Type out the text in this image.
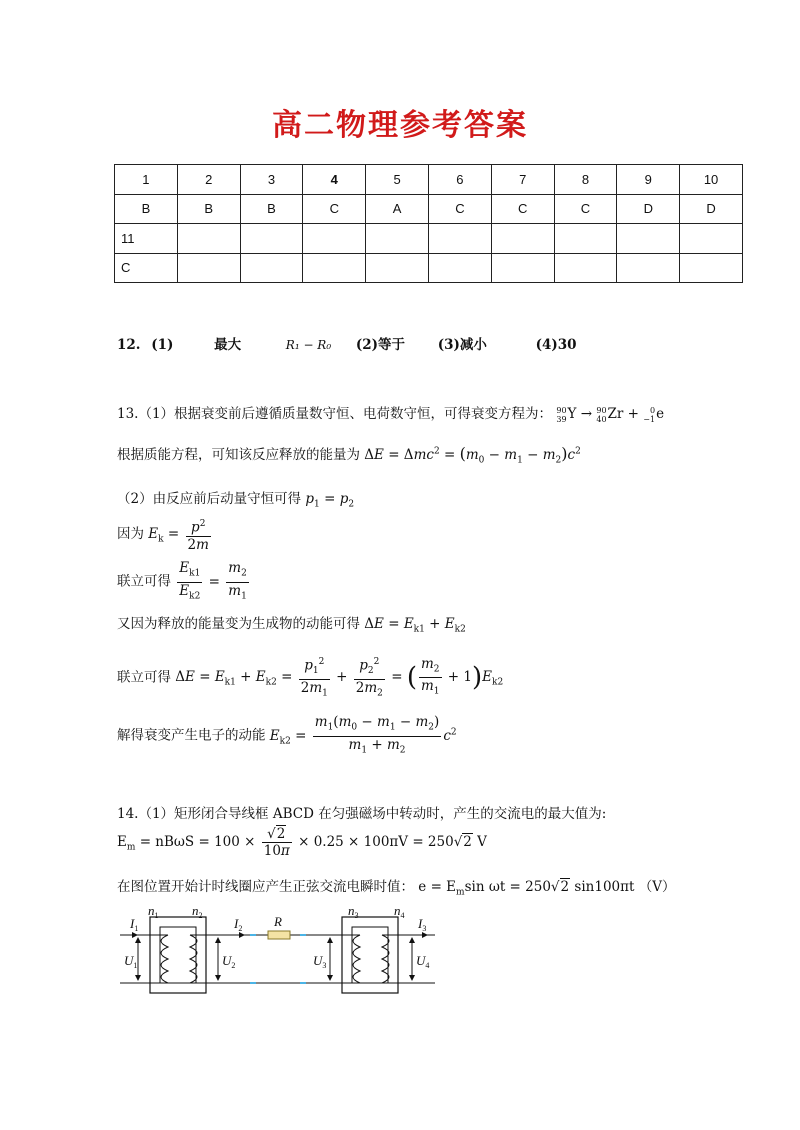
高二物理参考答案
1	2	3	4	5	6	7	8	9	10
B	B	B	C	A	C	C	C	D	D
11									
C									
12. (1)	最大	R₁ − R₀ (2)等于 (3)减小	(4)30
13.（1）根据衰变前后遵循质量数守恒、电荷数守恒，可得衰变方程为： 90
39Y → 90
40Zr + 0
−1e
根据质能方程，可知该反应释放的能量为 $\Delta E = \Delta mc^2 = (m_0 - m_1 - m_2)c^2$
（2）由反应前后动量守恒可得 $p_1 = p_2$
因为 $E_k = \frac{p^2}{2m}$
联立可得 $\frac{E_{k1}}{E_{k2}} = \frac{m_2}{m_1}$
又因为释放的能量变为生成物的动能可得 $\Delta E = E_{k1} + E_{k2}$
联立可得 $\Delta E = E_{k1} + E_{k2} = \frac{p_1^2}{2m_1} + \frac{p_2^2}{2m_2}$ = ( $\frac{m_2}{m_1} + 1)E_{k2}$
解得衰变产生电子的动能 $E_{k2} = \frac{m_1(m_0 - m_1 - m_2)}{m_1 + m_2} c^2$
14.（1）矩形闭合导线框 ABCD 在匀强磁场中转动时，产生的交流电的最大值为:
$E_m = nB\omega S = 100 \times \frac{√2}{10\pi} \times 0.25 \times 100\pi V = 250√2$ V
在图位置开始计时线圈应产生正弦交流电瞬时值： $e = E_m\sin$ ωt = 250√2 sin100πt （V）
$I_1$
$U_1$
$n_1$	$n_2$
$U_2$
$I_2$ R
$n_3$	$n_4$
$U_3$	$U_4$
$I_3$
